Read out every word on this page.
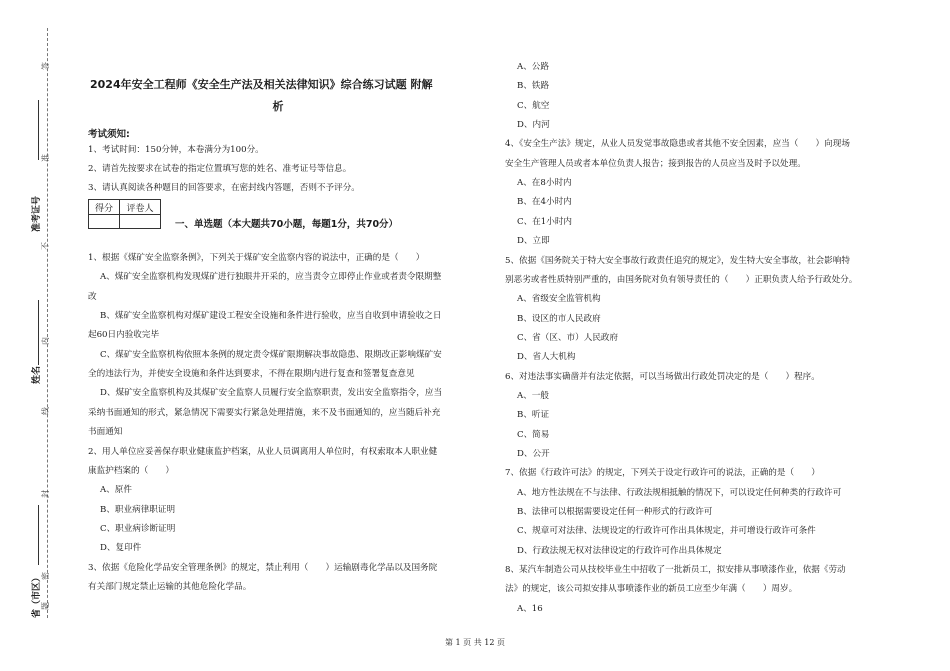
答
准
准考证号
不
内
姓名
线
封
密
省（市区） 题
2024年安全工程师《安全生产法及相关法律知识》综合练习试题 附解
析
考试须知:
1、考试时间：150分钟，本卷满分为100分。
2、请首先按要求在试卷的指定位置填写您的姓名、准考证号等信息。
3、请认真阅读各种题目的回答要求，在密封线内答题，否则不予评分。
得分	评卷人

一、单选题（本大题共70小题，每题1分，共70分）
1、根据《煤矿安全监察条例》，下列关于煤矿安全监察内容的说法中，正确的是（　　）
A、煤矿安全监察机构发现煤矿进行独眼井开采的，应当责令立即停止作业或者责令限期整
改
B、煤矿安全监察机构对煤矿建设工程安全设施和条件进行验收，应当自收到申请验收之日
起60日内验收完毕
C、煤矿安全监察机构依照本条例的规定责令煤矿限期解决事故隐患、限期改正影响煤矿安
全的违法行为，并使安全设施和条件达到要求，不得在限期内进行复查和签署复查意见
D、煤矿安全监察机构及其煤矿安全监察人员履行安全监察职责，发出安全监察指令，应当
采纳书面通知的形式，紧急情况下需要实行紧急处理措施，来不及书面通知的，应当随后补充
书面通知
2、用人单位应妥善保存职业健康监护档案，从业人员调离用人单位时，有权索取本人职业健
康监护档案的（　　）
A、原件
B、职业病律职证明
C、职业病诊断证明
D、复印件
3、依据《危险化学品安全管理条例》的规定，禁止利用（　　）运输剧毒化学品以及国务院
有关部门规定禁止运输的其他危险化学品。
A、公路
B、铁路
C、航空
D、内河
4、《安全生产法》规定，从业人员发觉事故隐患或者其他不安全因素，应当（　　）向现场
安全生产管理人员或者本单位负责人报告；接到报告的人员应当及时予以处理。
A、在8小时内
B、在4小时内
C、在1小时内
D、立即
5、依据《国务院关于特大安全事故行政责任追究的规定》，发生特大安全事故，社会影响特
别恶劣或者性质特别严重的，由国务院对负有领导责任的（　　）正职负责人给予行政处分。
A、省级安全监管机构
B、设区的市人民政府
C、省（区、市）人民政府
D、省人大机构
6、对违法事实确凿并有法定依据，可以当场做出行政处罚决定的是（　　）程序。
A、一般
B、听证
C、简易
D、公开
7、依据《行政许可法》的规定，下列关于设定行政许可的说法，正确的是（　　）
A、地方性法规在不与法律、行政法规相抵触的情况下，可以设定任何种类的行政许可
B、法律可以根据需要设定任何一种形式的行政许可
C、规章可对法律、法规设定的行政许可作出具体规定，并可增设行政许可条件
D、行政法规无权对法律设定的行政许可作出具体规定
8、某汽车制造公司从技校毕业生中招收了一批新员工，拟安排从事喷漆作业，依据《劳动
法》的规定，该公司拟安排从事喷漆作业的新员工应至少年满（　　）周岁。
A、16
第 1 页 共 12 页
